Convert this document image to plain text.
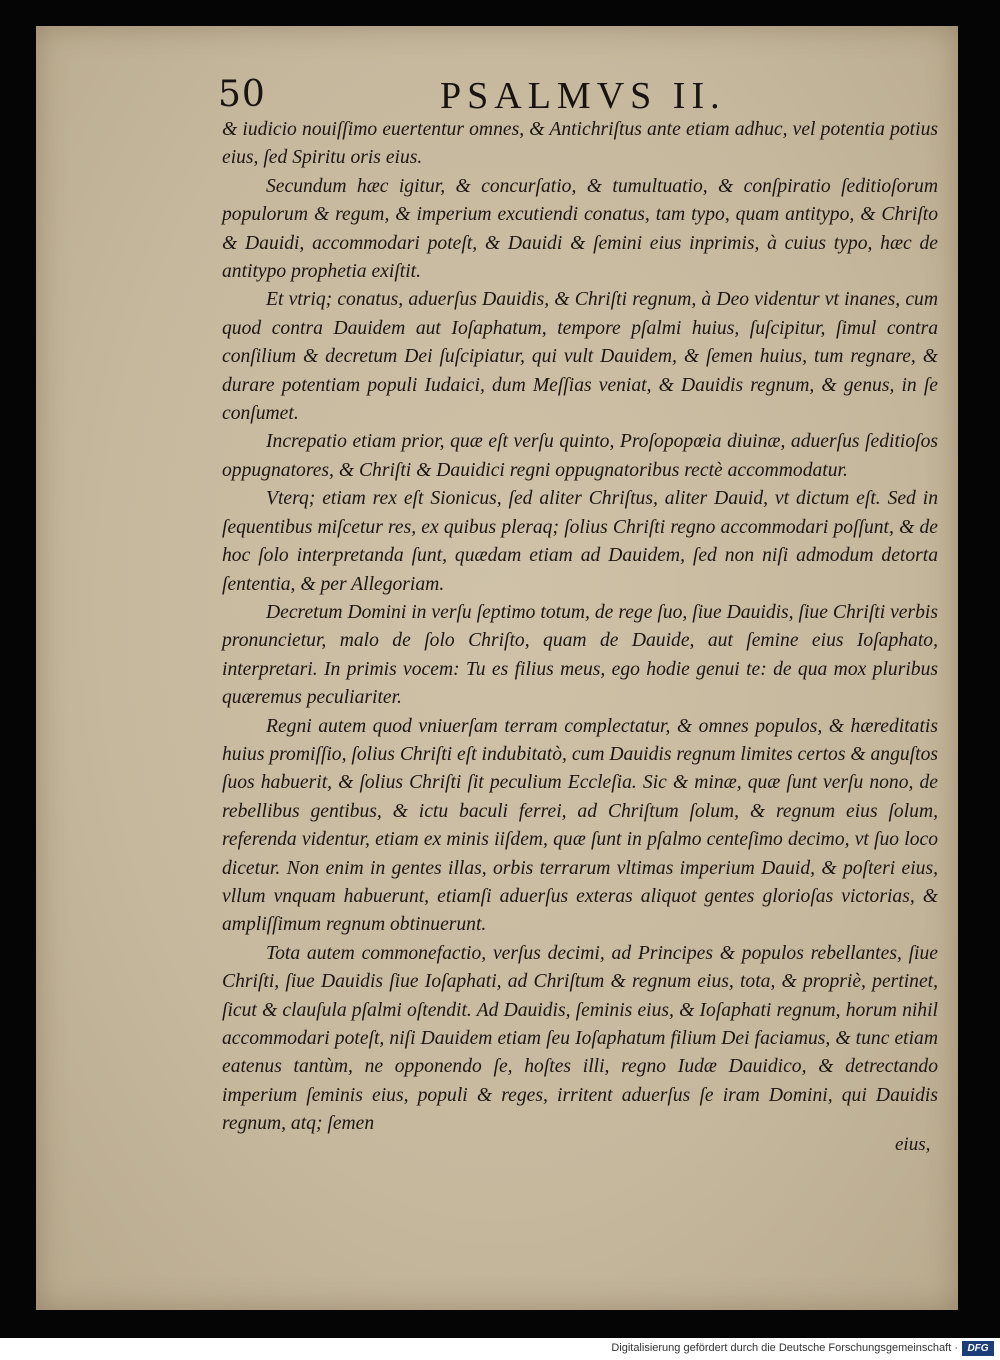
50	PSALMVS II.

& iudicio nouiſſimo euertentur omnes, & Antichriſtus ante etiam adhuc, vel potentia potius eius, ſed Spiritu oris eius.

Secundum hæc igitur, & concurſatio, & tumultuatio, & conſpiratio ſeditioſorum populorum & regum, & imperium excutiendi conatus, tam typo, quam antitypo, & Chriſto & Dauidi, accommodari poteſt, & Dauidi & ſemini eius inprimis, à cuius typo, hæc de antitypo prophetia exiſtit.

Et vtriq; conatus, aduerſus Dauidis, & Chriſti regnum, à Deo videntur vt inanes, cum quod contra Dauidem aut Ioſaphatum, tempore pſalmi huius, ſuſcipitur, ſimul contra conſilium & decretum Dei ſuſcipiatur, qui vult Dauidem, & ſemen huius, tum regnare, & durare potentiam populi Iudaici, dum Meſſias veniat, & Dauidis regnum, & genus, in ſe conſumet.

Increpatio etiam prior, quæ eſt verſu quinto, Proſopopœia diuinæ, aduerſus ſeditioſos oppugnatores, & Chriſti & Dauidici regni oppugnatoribus rectè accommodatur.

Vterq; etiam rex eſt Sionicus, ſed aliter Chriſtus, aliter Dauid, vt dictum eſt. Sed in ſequentibus miſcetur res, ex quibus pleraq; ſolius Chriſti regno accommodari poſſunt, & de hoc ſolo interpretanda ſunt, quædam etiam ad Dauidem, ſed non niſi admodum detorta ſententia, & per Allegoriam.

Decretum Domini in verſu ſeptimo totum, de rege ſuo, ſiue Dauidis, ſiue Chriſti verbis pronuncietur, malo de ſolo Chriſto, quam de Dauide, aut ſemine eius Ioſaphato, interpretari. In primis vocem: Tu es filius meus, ego hodie genui te: de qua mox pluribus quæremus peculiariter.

Regni autem quod vniuerſam terram complectatur, & omnes populos, & hæreditatis huius promiſſio, ſolius Chriſti eſt indubitatò, cum Dauidis regnum limites certos & anguſtos ſuos habuerit, & ſolius Chriſti ſit peculium Eccleſia. Sic & minæ, quæ ſunt verſu nono, de rebellibus gentibus, & ictu baculi ferrei, ad Chriſtum ſolum, & regnum eius ſolum, referenda videntur, etiam ex minis iiſdem, quæ ſunt in pſalmo centeſimo decimo, vt ſuo loco dicetur. Non enim in gentes illas, orbis terrarum vltimas imperium Dauid, & poſteri eius, vllum vnquam habuerunt, etiamſi aduerſus exteras aliquot gentes glorioſas victorias, & ampliſſimum regnum obtinuerunt.

Tota autem commonefactio, verſus decimi, ad Principes & populos rebellantes, ſiue Chriſti, ſiue Dauidis ſiue Ioſaphati, ad Chriſtum & regnum eius, tota, & propriè, pertinet, ſicut & clauſula pſalmi oſtendit. Ad Dauidis, ſeminis eius, & Ioſaphati regnum, horum nihil accommodari poteſt, niſi Dauidem etiam ſeu Ioſaphatum filium Dei faciamus, & tunc etiam eatenus tantùm, ne opponendo ſe, hoſtes illi, regno Iudæ Dauidico, & detrectando imperium ſeminis eius, populi & reges, irritent aduerſus ſe iram Domini, qui Dauidis regnum, atq; ſemen

eius,
Digitalisierung gefördert durch die Deutsche Forschungsgemeinschaft · DFG
